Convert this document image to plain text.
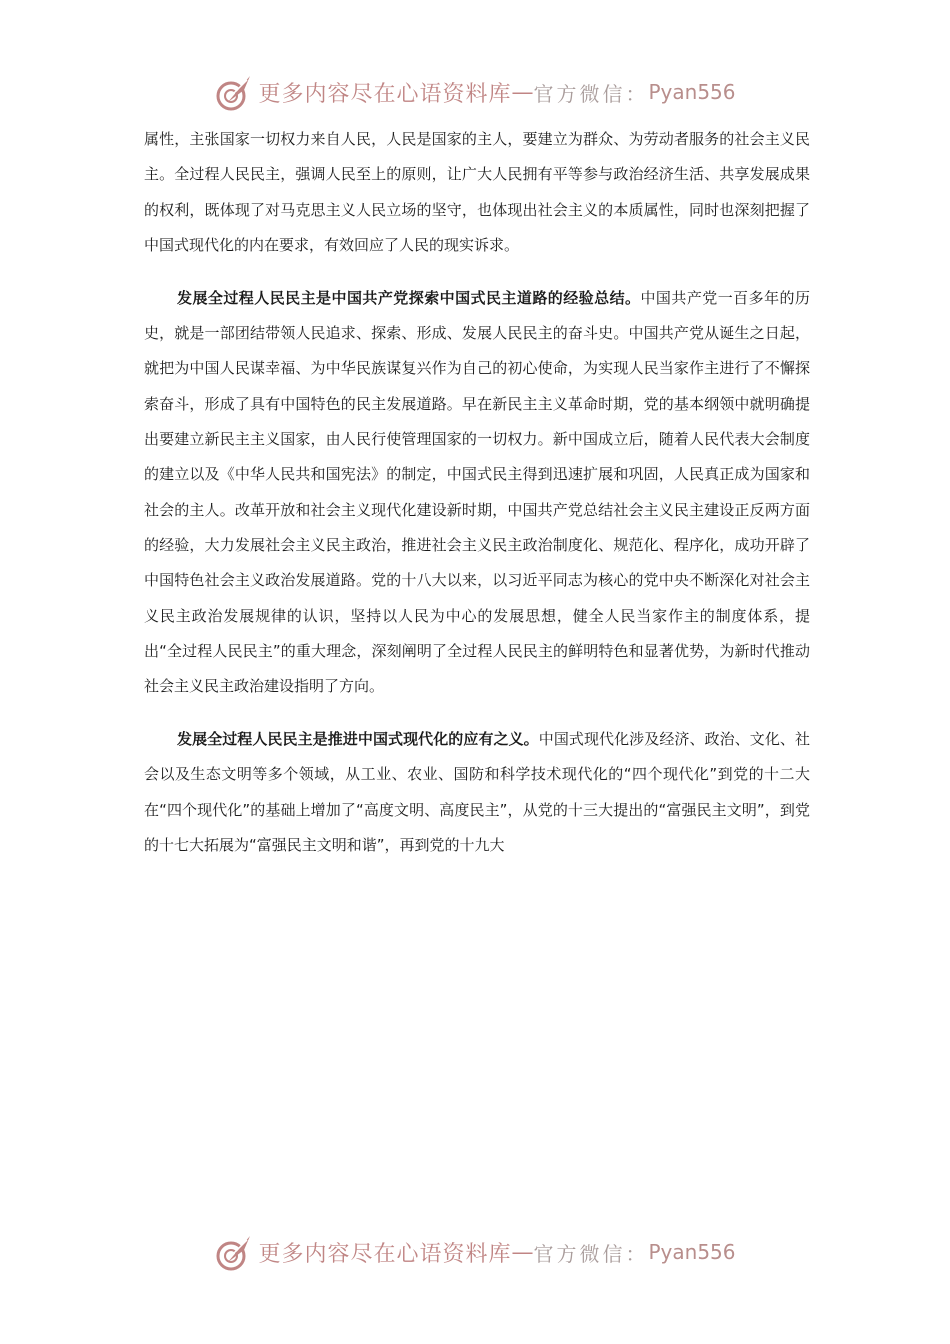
更多内容尽在心语资料库 — 官方微信： Pyan556

属性，主张国家一切权力来自人民，人民是国家的主人，要建立为群众、为劳动者服务的社会主义民主。全过程人民民主，强调人民至上的原则，让广大人民拥有平等参与政治经济生活、共享发展成果的权利，既体现了对马克思主义人民立场的坚守，也体现出社会主义的本质属性，同时也深刻把握了中国式现代化的内在要求，有效回应了人民的现实诉求。

发展全过程人民民主是中国共产党探索中国式民主道路的经验总结。中国共产党一百多年的历史，就是一部团结带领人民追求、探索、形成、发展人民民主的奋斗史。中国共产党从诞生之日起，就把为中国人民谋幸福、为中华民族谋复兴作为自己的初心使命，为实现人民当家作主进行了不懈探索奋斗，形成了具有中国特色的民主发展道路。早在新民主主义革命时期，党的基本纲领中就明确提出要建立新民主主义国家，由人民行使管理国家的一切权力。新中国成立后，随着人民代表大会制度的建立以及《中华人民共和国宪法》的制定，中国式民主得到迅速扩展和巩固，人民真正成为国家和社会的主人。改革开放和社会主义现代化建设新时期，中国共产党总结社会主义民主建设正反两方面的经验，大力发展社会主义民主政治，推进社会主义民主政治制度化、规范化、程序化，成功开辟了中国特色社会主义政治发展道路。党的十八大以来，以习近平同志为核心的党中央不断深化对社会主义民主政治发展规律的认识，坚持以人民为中心的发展思想，健全人民当家作主的制度体系，提出“全过程人民民主”的重大理念，深刻阐明了全过程人民民主的鲜明特色和显著优势，为新时代推动社会主义民主政治建设指明了方向。

发展全过程人民民主是推进中国式现代化的应有之义。中国式现代化涉及经济、政治、文化、社会以及生态文明等多个领域，从工业、农业、国防和科学技术现代化的“四个现代化”到党的十二大在“四个现代化”的基础上增加了“高度文明、高度民主”，从党的十三大提出的“富强民主文明”，到党的十七大拓展为“富强民主文明和谐”，再到党的十九大

更多内容尽在心语资料库 — 官方微信： Pyan556
